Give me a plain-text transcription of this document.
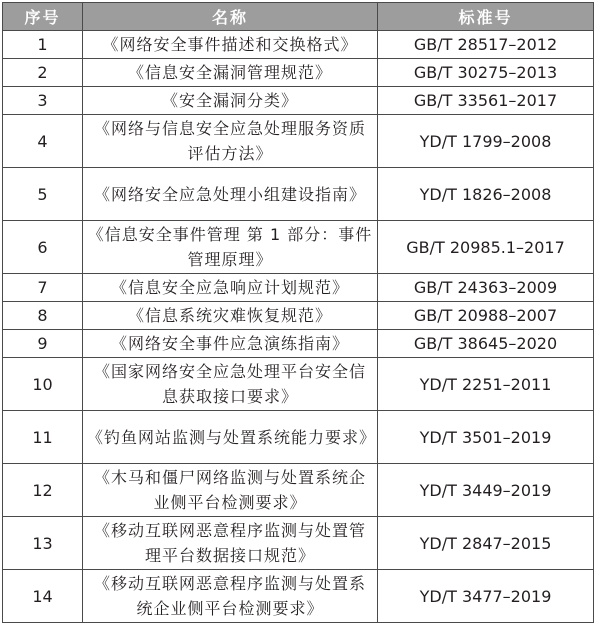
序号	名称	标准号
1	《网络安全事件描述和交换格式》	GB/T 28517–2012
2	《信息安全漏洞管理规范》	GB/T 30275–2013
3	《安全漏洞分类》	GB/T 33561–2017
4	《网络与信息安全应急处理服务资质评估方法》	YD/T 1799–2008
5	《网络安全应急处理小组建设指南》	YD/T 1826–2008
6	《信息安全事件管理 第 1 部分：事件管理原理》	GB/T 20985.1–2017
7	《信息安全应急响应计划规范》	GB/T 24363–2009
8	《信息系统灾难恢复规范》	GB/T 20988–2007
9	《网络安全事件应急演练指南》	GB/T 38645–2020
10	《国家网络安全应急处理平台安全信息获取接口要求》	YD/T 2251–2011
11	《钓鱼网站监测与处置系统能力要求》	YD/T 3501–2019
12	《木马和僵尸网络监测与处置系统企业侧平台检测要求》	YD/T 3449–2019
13	《移动互联网恶意程序监测与处置管理平台数据接口规范》	YD/T 2847–2015
14	《移动互联网恶意程序监测与处置系统企业侧平台检测要求》	YD/T 3477–2019
